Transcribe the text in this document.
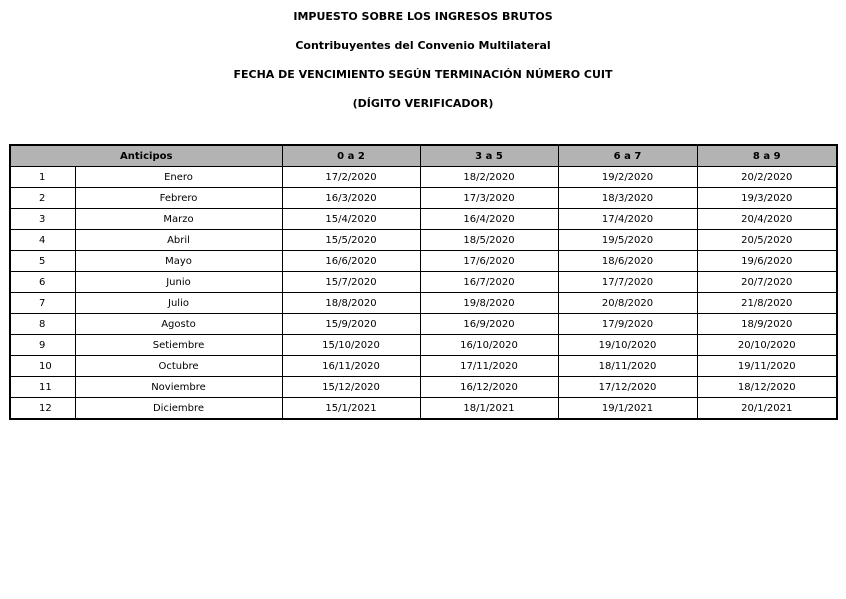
IMPUESTO SOBRE LOS INGRESOS BRUTOS
Contribuyentes del Convenio Multilateral
FECHA DE VENCIMIENTO SEGÚN TERMINACIÓN NÚMERO CUIT
(DÍGITO VERIFICADOR)
Anticipos		0 a 2	3 a 5	6 a 7	8 a 9
1	Enero	17/2/2020	18/2/2020	19/2/2020	20/2/2020
2	Febrero	16/3/2020	17/3/2020	18/3/2020	19/3/2020
3	Marzo	15/4/2020	16/4/2020	17/4/2020	20/4/2020
4	Abril	15/5/2020	18/5/2020	19/5/2020	20/5/2020
5	Mayo	16/6/2020	17/6/2020	18/6/2020	19/6/2020
6	Junio	15/7/2020	16/7/2020	17/7/2020	20/7/2020
7	Julio	18/8/2020	19/8/2020	20/8/2020	21/8/2020
8	Agosto	15/9/2020	16/9/2020	17/9/2020	18/9/2020
9	Setiembre	15/10/2020	16/10/2020	19/10/2020	20/10/2020
10	Octubre	16/11/2020	17/11/2020	18/11/2020	19/11/2020
11	Noviembre	15/12/2020	16/12/2020	17/12/2020	18/12/2020
12	Diciembre	15/1/2021	18/1/2021	19/1/2021	20/1/2021
